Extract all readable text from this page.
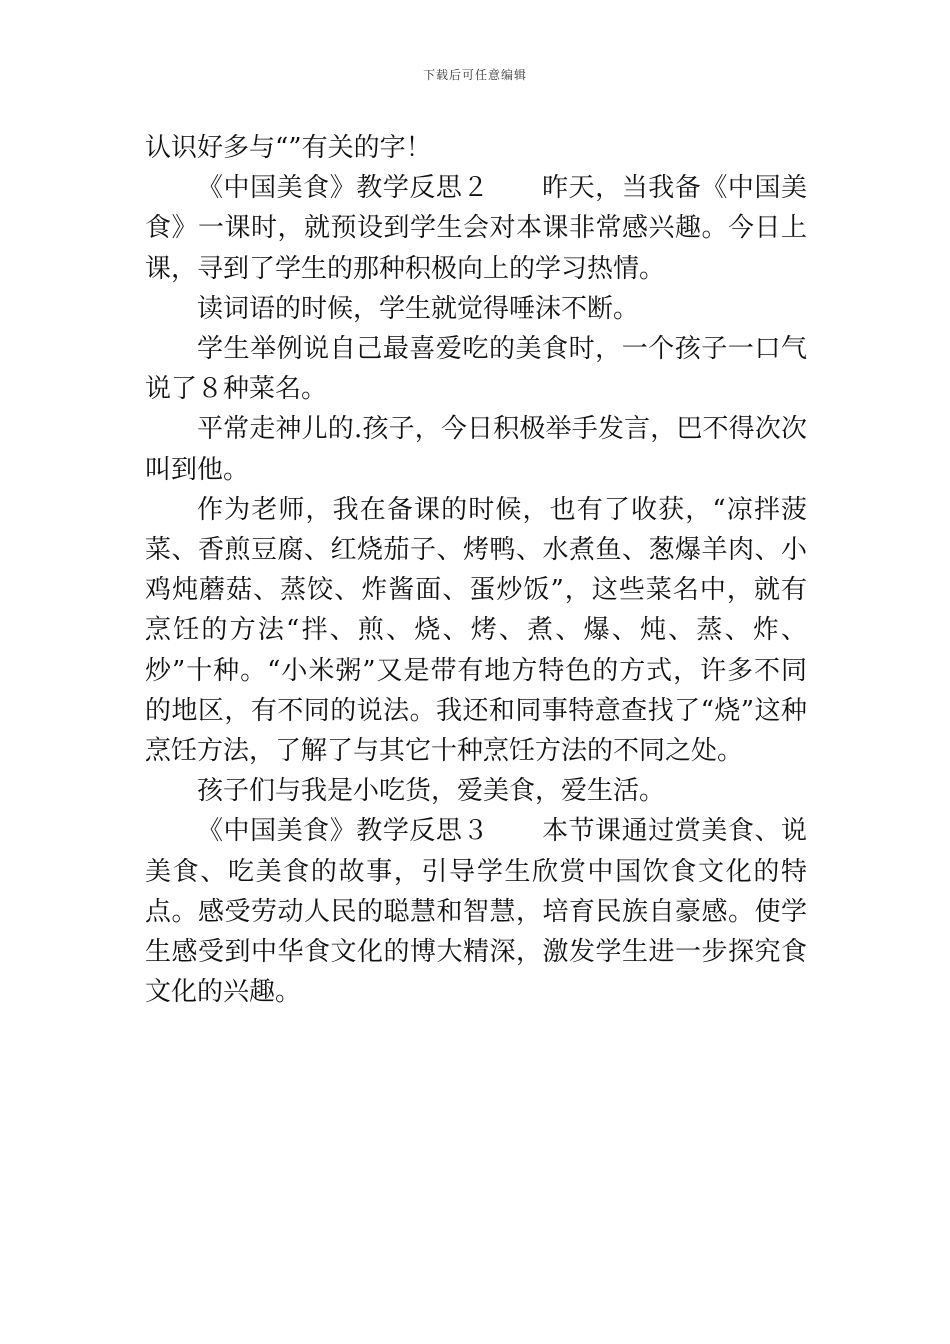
下载后可任意编辑

认识好多与“”有关的字！

《中国美食》教学反思２　　昨天，当我备《中国美食》一课时，就预设到学生会对本课非常感兴趣。今日上课，寻到了学生的那种积极向上的学习热情。

读词语的时候，学生就觉得唾沫不断。

学生举例说自己最喜爱吃的美食时，一个孩子一口气说了８种菜名。

平常走神儿的.孩子，今日积极举手发言，巴不得次次叫到他。

作为老师，我在备课的时候，也有了收获，“凉拌菠菜、香煎豆腐、红烧茄子、烤鸭、水煮鱼、葱爆羊肉、小鸡炖蘑菇、蒸饺、炸酱面、蛋炒饭”，这些菜名中，就有烹饪的方法“拌、煎、烧、烤、煮、爆、炖、蒸、炸、炒”十种。“小米粥”又是带有地方特色的方式，许多不同的地区，有不同的说法。我还和同事特意查找了“烧”这种烹饪方法，了解了与其它十种烹饪方法的不同之处。

孩子们与我是小吃货，爱美食，爱生活。

《中国美食》教学反思３　　本节课通过赏美食、说美食、吃美食的故事，引导学生欣赏中国饮食文化的特点。感受劳动人民的聪慧和智慧，培育民族自豪感。使学生感受到中华食文化的博大精深，激发学生进一步探究食文化的兴趣。
